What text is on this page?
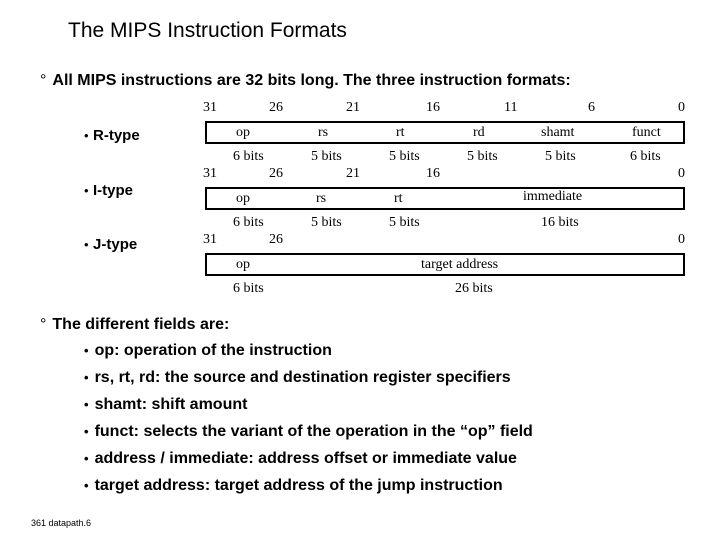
The MIPS Instruction Formats
° All MIPS instructions are 32 bits long. The three instruction formats:
• R-type
• I-type
• J-type
31	26	21	16	11	6	0
op	rs	rt	rd	shamt	funct
6 bits	5 bits	5 bits	5 bits	5 bits	6 bits
31	26	21	16	0
op	rs	rt	immediate
6 bits	5 bits	5 bits	16 bits
31	26	0
op	target address
6 bits	26 bits
° The different fields are:
• op: operation of the instruction
• rs, rt, rd: the source and destination register specifiers
• shamt: shift amount
• funct: selects the variant of the operation in the “op” field
• address / immediate: address offset or immediate value
• target address: target address of the jump instruction
361 datapath.6
